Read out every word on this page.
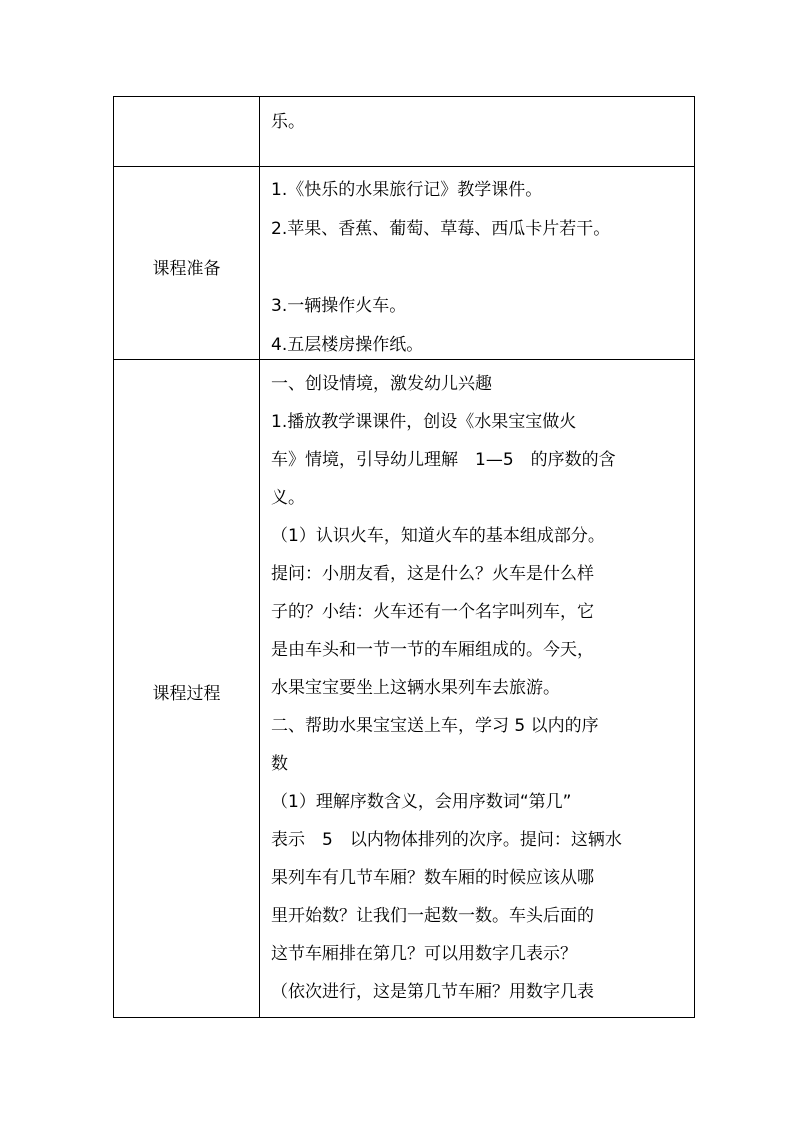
乐。
课程准备
1.《快乐的水果旅行记》教学课件。
2.苹果、香蕉、葡萄、草莓、西瓜卡片若干。
3.一辆操作火车。
4.五层楼房操作纸。
课程过程
一、创设情境，激发幼儿兴趣
1.播放教学课课件，创设《水果宝宝做火
车》情境，引导幼儿理解　1—5　的序数的含
义。
（1）认识火车，知道火车的基本组成部分。
提问：小朋友看，这是什么？火车是什么样
子的？小结：火车还有一个名字叫列车，它
是由车头和一节一节的车厢组成的。今天，
水果宝宝要坐上这辆水果列车去旅游。
二、帮助水果宝宝送上车，学习 5 以内的序
数
（1）理解序数含义，会用序数词“第几”
表示　5　以内物体排列的次序。提问：这辆水
果列车有几节车厢？数车厢的时候应该从哪
里开始数？让我们一起数一数。车头后面的
这节车厢排在第几？可以用数字几表示？
（依次进行，这是第几节车厢？用数字几表
